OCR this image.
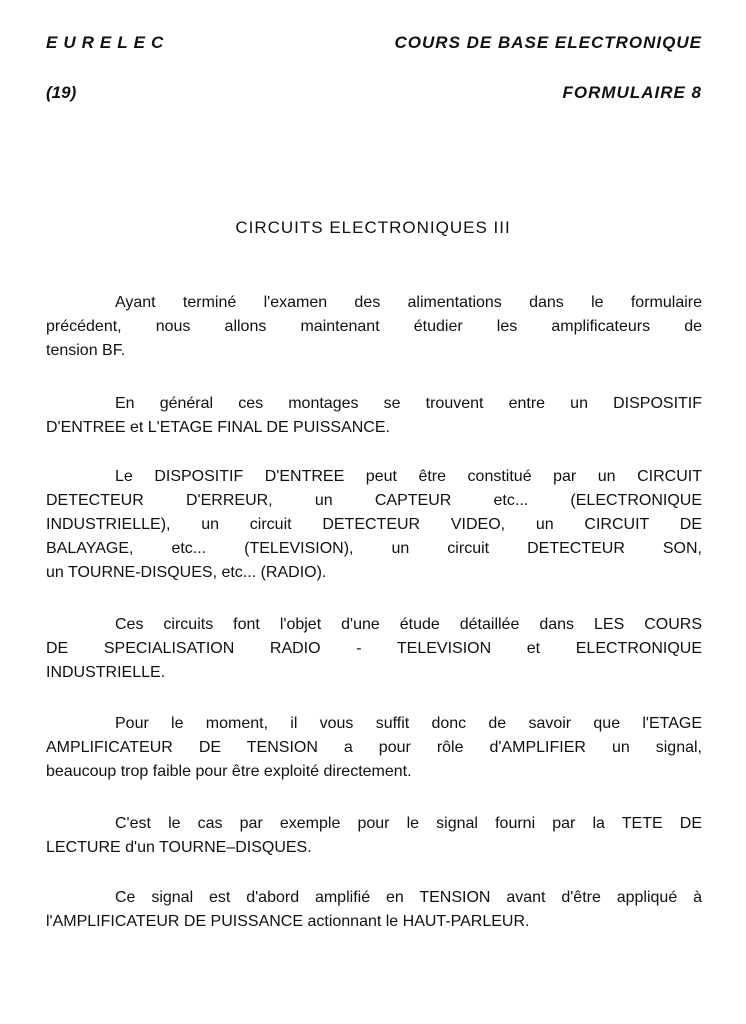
EURELEC	COURS DE BASE ELECTRONIQUE
(19)	FORMULAIRE 8
CIRCUITS ELECTRONIQUES III
Ayant terminé l'examen des alimentations dans le formulaire
précédent, nous allons maintenant étudier les amplificateurs de
tension BF.
En général ces montages se trouvent entre un DISPOSITIF
D'ENTREE et L'ETAGE FINAL DE PUISSANCE.
Le DISPOSITIF D'ENTREE peut être constitué par un CIRCUIT
DETECTEUR D'ERREUR, un CAPTEUR etc... (ELECTRONIQUE
INDUSTRIELLE), un circuit DETECTEUR VIDEO, un CIRCUIT DE
BALAYAGE, etc... (TELEVISION), un circuit DETECTEUR SON,
un TOURNE-DISQUES, etc... (RADIO).
Ces circuits font l'objet d'une étude détaillée dans LES COURS
DE SPECIALISATION RADIO - TELEVISION et ELECTRONIQUE
INDUSTRIELLE.
Pour le moment, il vous suffit donc de savoir que l'ETAGE
AMPLIFICATEUR DE TENSION a pour rôle d'AMPLIFIER un signal,
beaucoup trop faible pour être exploité directement.
C'est le cas par exemple pour le signal fourni par la TETE DE
LECTURE d'un TOURNE–DISQUES.
Ce signal est d'abord amplifié en TENSION avant d'être appliqué à
l'AMPLIFICATEUR DE PUISSANCE actionnant le HAUT-PARLEUR.
